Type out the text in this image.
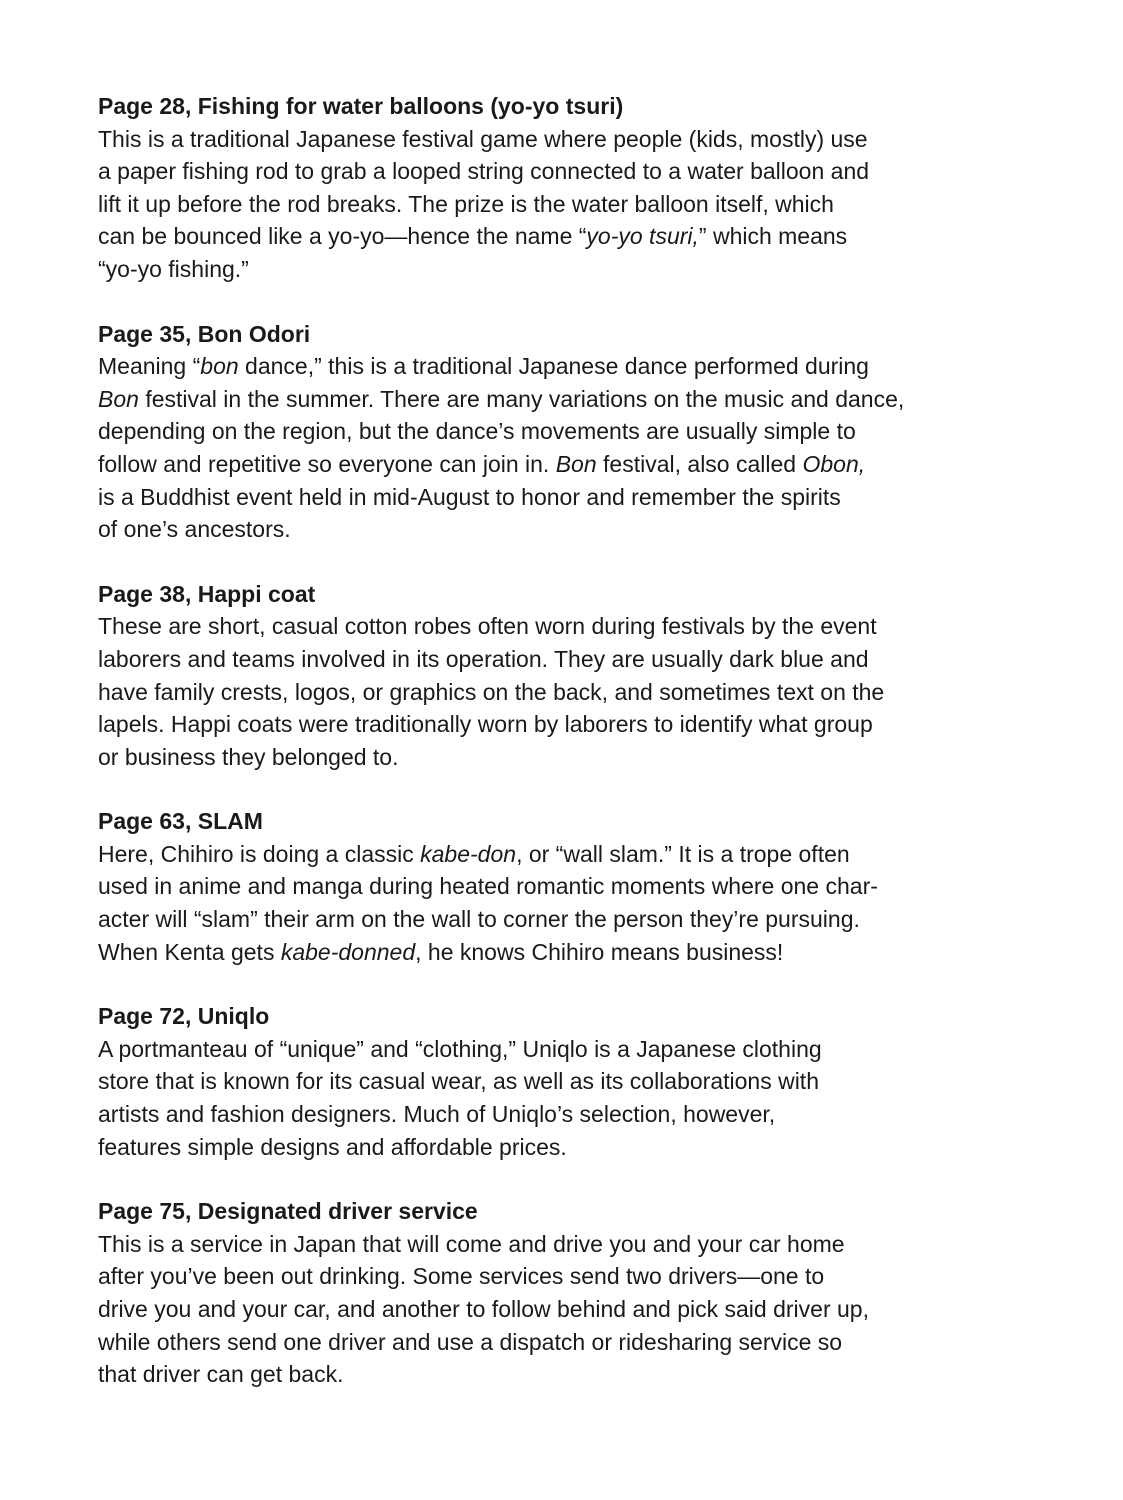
Page 28, Fishing for water balloons (yo-yo tsuri)

This is a traditional Japanese festival game where people (kids, mostly) use
a paper fishing rod to grab a looped string connected to a water balloon and
lift it up before the rod breaks. The prize is the water balloon itself, which
can be bounced like a yo-yo—hence the name “yo-yo tsuri,” which means
“yo-yo fishing.”

Page 35, Bon Odori

Meaning “bon dance,” this is a traditional Japanese dance performed during
Bon festival in the summer. There are many variations on the music and dance,
depending on the region, but the dance’s movements are usually simple to
follow and repetitive so everyone can join in. Bon festival, also called Obon,
is a Buddhist event held in mid-August to honor and remember the spirits
of one’s ancestors.

Page 38, Happi coat

These are short, casual cotton robes often worn during festivals by the event
laborers and teams involved in its operation. They are usually dark blue and
have family crests, logos, or graphics on the back, and sometimes text on the
lapels. Happi coats were traditionally worn by laborers to identify what group
or business they belonged to.

Page 63, SLAM

Here, Chihiro is doing a classic kabe-don, or “wall slam.” It is a trope often
used in anime and manga during heated romantic moments where one char-
acter will “slam” their arm on the wall to corner the person they’re pursuing.
When Kenta gets kabe-donned, he knows Chihiro means business!

Page 72, Uniqlo

A portmanteau of “unique” and “clothing,” Uniqlo is a Japanese clothing
store that is known for its casual wear, as well as its collaborations with
artists and fashion designers. Much of Uniqlo’s selection, however,
features simple designs and affordable prices.

Page 75, Designated driver service

This is a service in Japan that will come and drive you and your car home
after you’ve been out drinking. Some services send two drivers—one to
drive you and your car, and another to follow behind and pick said driver up,
while others send one driver and use a dispatch or ridesharing service so
that driver can get back.
